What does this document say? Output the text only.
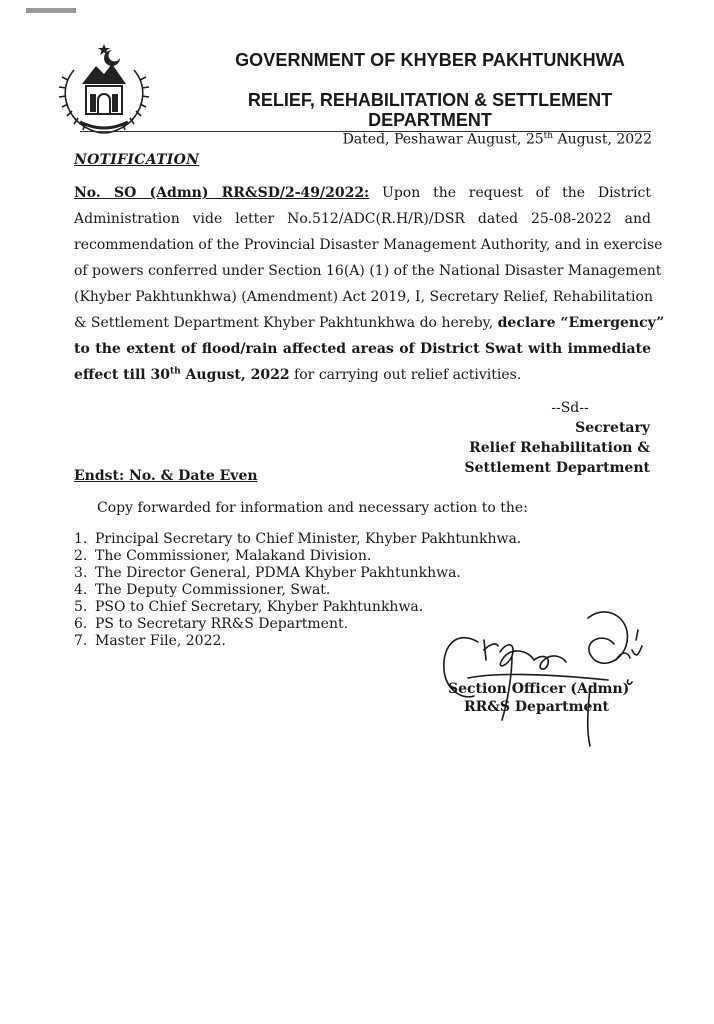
GOVERNMENT OF KHYBER PAKHTUNKHWA
RELIEF, REHABILITATION & SETTLEMENT
DEPARTMENT
Dated, Peshawar August, 25th August, 2022
NOTIFICATION
No. SO (Admn) RR&SD/2-49/2022: Upon the request of the District
Administration vide letter No.512/ADC(R.H/R)/DSR dated 25-08-2022 and
recommendation of the Provincial Disaster Management Authority, and in exercise
of powers conferred under Section 16(A) (1) of the National Disaster Management
(Khyber Pakhtunkhwa) (Amendment) Act 2019, I, Secretary Relief, Rehabilitation
& Settlement Department Khyber Pakhtunkhwa do hereby, declare “Emergency”
to the extent of flood/rain affected areas of District Swat with immediate
effect till 30th August, 2022 for carrying out relief activities.
--Sd--
Secretary
Relief Rehabilitation &
Settlement Department
Endst: No. & Date Even
Copy forwarded for information and necessary action to the:
1. Principal Secretary to Chief Minister, Khyber Pakhtunkhwa.
2. The Commissioner, Malakand Division.
3. The Director General, PDMA Khyber Pakhtunkhwa.
4. The Deputy Commissioner, Swat.
5. PSO to Chief Secretary, Khyber Pakhtunkhwa.
6. PS to Secretary RR&S Department.
7. Master File, 2022.
Section Officer (Admn)
RR&S Department
